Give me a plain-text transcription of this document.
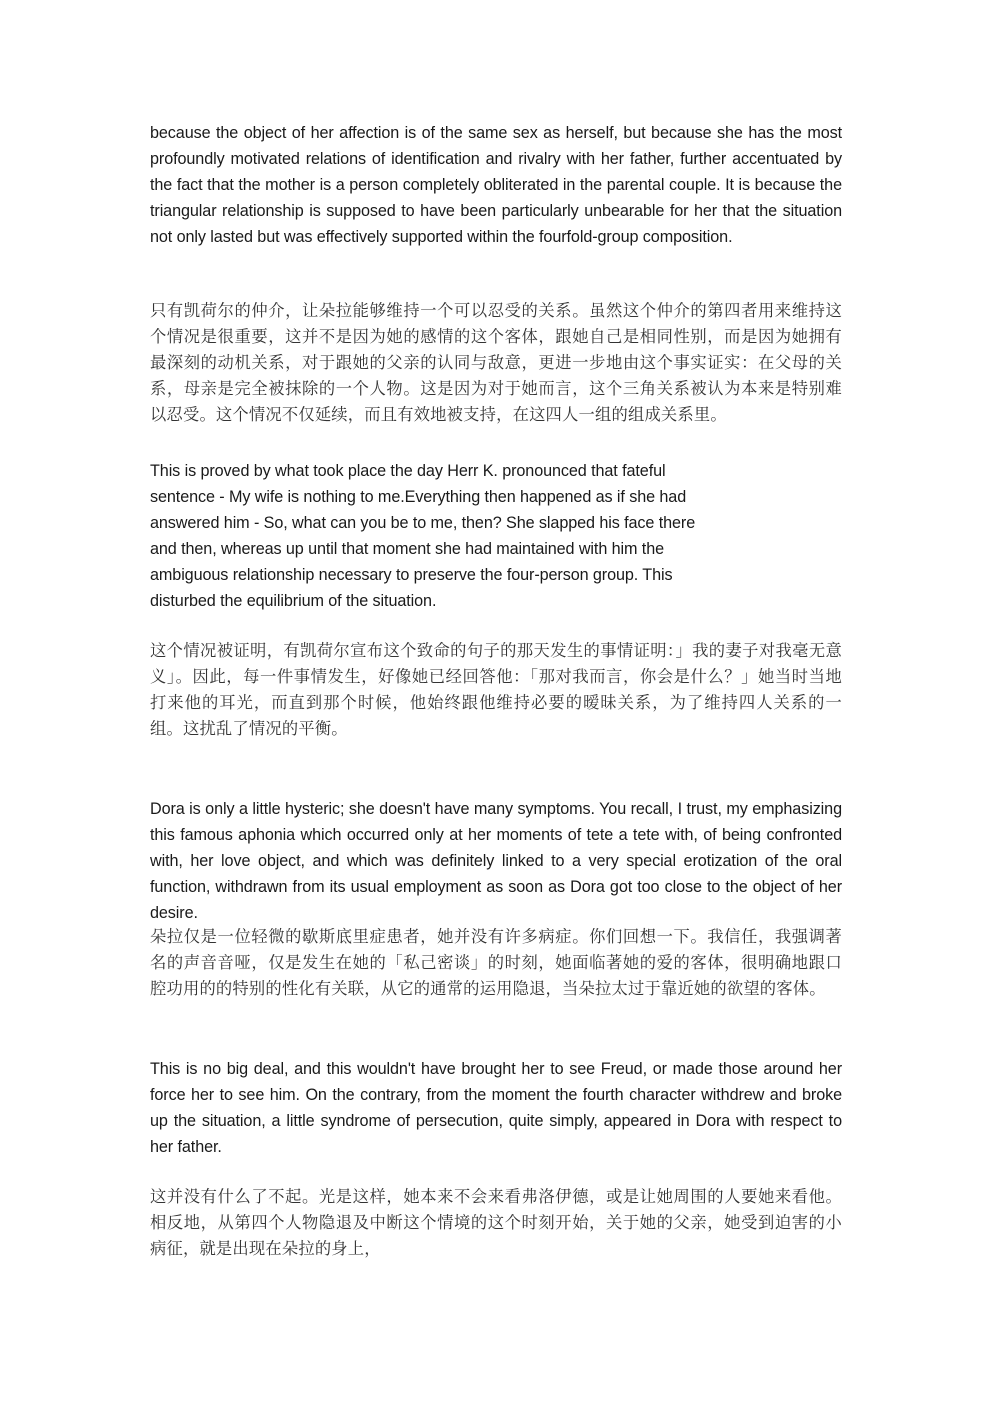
because the object of her affection is of the same sex as herself, but because she has the most profoundly motivated relations of identification and rivalry with her father, further accentuated by the fact that the mother is a person completely obliterated in the parental couple. It is because the triangular relationship is supposed to have been particularly unbearable for her that the situation not only lasted but was effectively supported within the fourfold-group composition.

只有凯荷尔的仲介，让朵拉能够维持一个可以忍受的关系。虽然这个仲介的第四者用来维持这个情况是很重要，这并不是因为她的感情的这个客体，跟她自己是相同性别，而是因为她拥有最深刻的动机关系，对于跟她的父亲的认同与敌意，更进一步地由这个事实证实：在父母的关系，母亲是完全被抹除的一个人物。这是因为对于她而言，这个三角关系被认为本来是特别难以忍受。这个情况不仅延续，而且有效地被支持，在这四人一组的组成关系里。

This is proved by what took place the day Herr K. pronounced that fateful
sentence - My wife is nothing to me.Everything then happened as if she had
answered him - So, what can you be to me, then? She slapped his face there
and then, whereas up until that moment she had maintained with him the
ambiguous relationship necessary to preserve the four-person group. This
disturbed the equilibrium of the situation.

这个情况被证明，有凯荷尔宣布这个致命的句子的那天发生的事情证明：」我的妻子对我毫无意义」。因此，每一件事情发生，好像她已经回答他：「那对我而言，你会是什么？」她当时当地打来他的耳光，而直到那个时候，他始终跟他维持必要的暧昧关系，为了维持四人关系的一组。这扰乱了情况的平衡。

Dora is only a little hysteric; she doesn't have many symptoms. You recall, I trust, my emphasizing this famous aphonia which occurred only at her moments of tete a tete with, of being confronted with, her love object, and which was definitely linked to a very special erotization of the oral function, withdrawn from its usual employment as soon as Dora got too close to the object of her desire.

朵拉仅是一位轻微的歇斯底里症患者，她并没有许多病症。你们回想一下。我信任，我强调著名的声音音哑，仅是发生在她的「私己密谈」的时刻，她面临著她的爱的客体，很明确地跟口腔功用的的特别的性化有关联，从它的通常的运用隐退，当朵拉太过于靠近她的欲望的客体。

This is no big deal, and this wouldn't have brought her to see Freud, or made those around her force her to see him. On the contrary, from the moment the fourth character withdrew and broke up the situation, a little syndrome of persecution, quite simply, appeared in Dora with respect to her father.

这并没有什么了不起。光是这样，她本来不会来看弗洛伊德，或是让她周围的人要她来看他。相反地，从第四个人物隐退及中断这个情境的这个时刻开始，关于她的父亲，她受到迫害的小病征，就是出现在朵拉的身上，
